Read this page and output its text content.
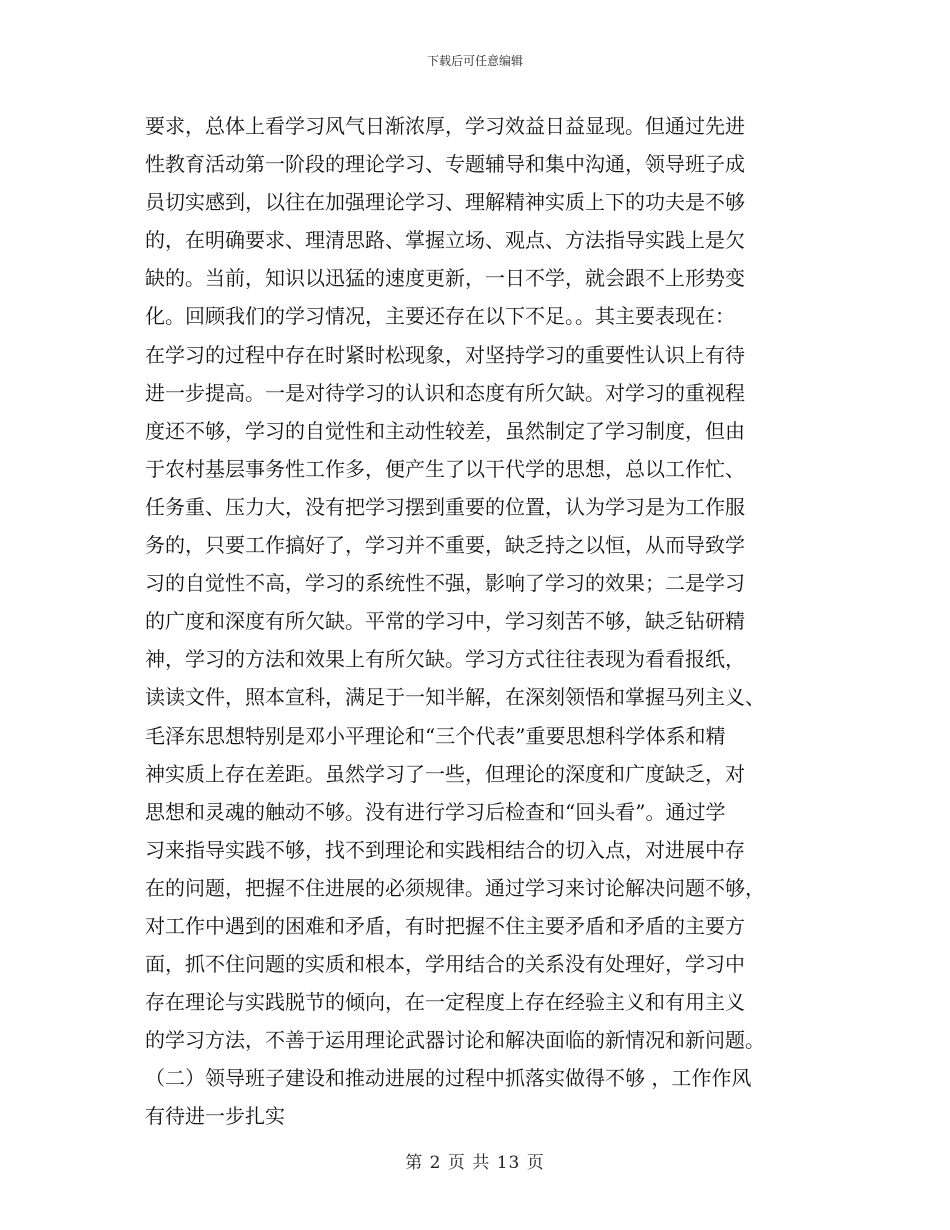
下载后可任意编辑
要求，总体上看学习风气日渐浓厚，学习效益日益显现。但通过先进
性教育活动第一阶段的理论学习、专题辅导和集中沟通，领导班子成
员切实感到，以往在加强理论学习、理解精神实质上下的功夫是不够
的，在明确要求、理清思路、掌握立场、观点、方法指导实践上是欠
缺的。当前，知识以迅猛的速度更新，一日不学，就会跟不上形势变
化。回顾我们的学习情况，主要还存在以下不足。。其主要表现在：
在学习的过程中存在时紧时松现象，对坚持学习的重要性认识上有待
进一步提高。一是对待学习的认识和态度有所欠缺。对学习的重视程
度还不够，学习的自觉性和主动性较差，虽然制定了学习制度，但由
于农村基层事务性工作多，便产生了以干代学的思想，总以工作忙、
任务重、压力大，没有把学习摆到重要的位置，认为学习是为工作服
务的，只要工作搞好了，学习并不重要，缺乏持之以恒，从而导致学
习的自觉性不高，学习的系统性不强，影响了学习的效果；二是学习
的广度和深度有所欠缺。平常的学习中，学习刻苦不够，缺乏钻研精
神，学习的方法和效果上有所欠缺。学习方式往往表现为看看报纸，
读读文件，照本宣科，满足于一知半解，在深刻领悟和掌握马列主义、
毛泽东思想特别是邓小平理论和“三个代表”重要思想科学体系和精
神实质上存在差距。虽然学习了一些，但理论的深度和广度缺乏，对
思想和灵魂的触动不够。没有进行学习后检查和“回头看”。通过学
习来指导实践不够，找不到理论和实践相结合的切入点，对进展中存
在的问题，把握不住进展的必须规律。通过学习来讨论解决问题不够，
对工作中遇到的困难和矛盾，有时把握不住主要矛盾和矛盾的主要方
面，抓不住问题的实质和根本，学用结合的关系没有处理好，学习中
存在理论与实践脱节的倾向，在一定程度上存在经验主义和有用主义
的学习方法，不善于运用理论武器讨论和解决面临的新情况和新问题。
（二）领导班子建设和推动进展的过程中抓落实做得不够 ，工作作风
有待进一步扎实
第 2 页 共 13 页
